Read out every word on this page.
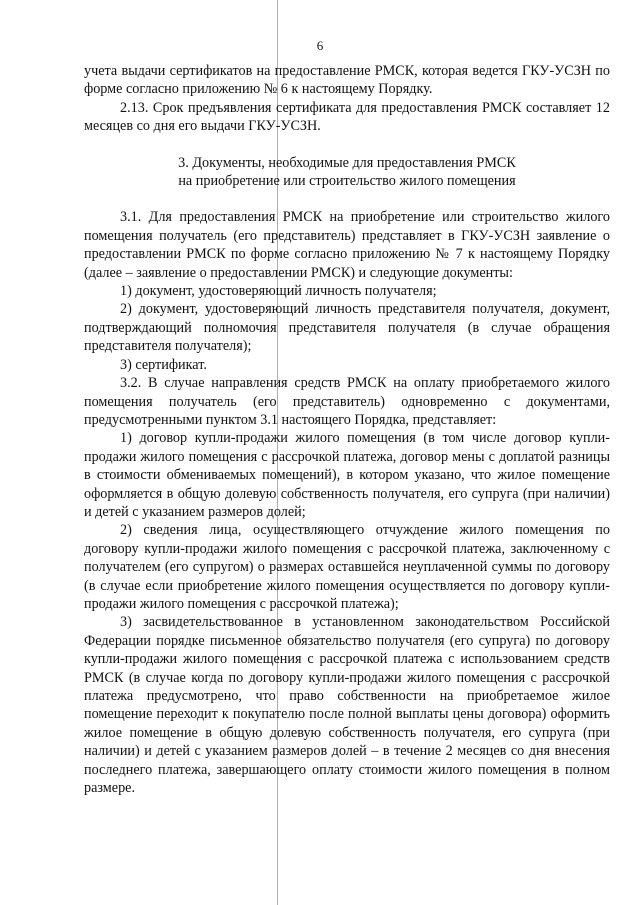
6

учета выдачи сертификатов на предоставление РМСК, которая ведется ГКУ-УСЗН по форме согласно приложению № 6 к настоящему Порядку.

2.13. Срок предъявления сертификата для предоставления РМСК составляет 12 месяцев со дня его выдачи ГКУ-УСЗН.

3. Документы, необходимые для предоставления РМСК
на приобретение или строительство жилого помещения

3.1. Для предоставления РМСК на приобретение или строительство жилого помещения получатель (его представитель) представляет в ГКУ-УСЗН заявление о предоставлении РМСК по форме согласно приложению № 7 к настоящему Порядку (далее – заявление о предоставлении РМСК) и следующие документы:

1) документ, удостоверяющий личность получателя;

2) документ, удостоверяющий личность представителя получателя, документ, подтверждающий полномочия представителя получателя (в случае обращения представителя получателя);

3) сертификат.

3.2. В случае направления средств РМСК на оплату приобретаемого жилого помещения получатель (его представитель) одновременно с документами, предусмотренными пунктом 3.1 настоящего Порядка, представляет:

1) договор купли-продажи жилого помещения (в том числе договор купли-продажи жилого помещения с рассрочкой платежа, договор мены с доплатой разницы в стоимости обмениваемых помещений), в котором указано, что жилое помещение оформляется в общую долевую собственность получателя, его супруга (при наличии) и детей с указанием размеров долей;

2) сведения лица, осуществляющего отчуждение жилого помещения по договору купли-продажи жилого помещения с рассрочкой платежа, заключенному с получателем (его супругом) о размерах оставшейся неуплаченной суммы по договору (в случае если приобретение жилого помещения осуществляется по договору купли-продажи жилого помещения с рассрочкой платежа);

3) засвидетельствованное в установленном законодательством Российской Федерации порядке письменное обязательство получателя (его супруга) по договору купли-продажи жилого помещения с рассрочкой платежа с использованием средств РМСК (в случае когда по договору купли-продажи жилого помещения с рассрочкой платежа предусмотрено, что право собственности на приобретаемое жилое помещение переходит к покупателю после полной выплаты цены договора) оформить жилое помещение в общую долевую собственность получателя, его супруга (при наличии) и детей с указанием размеров долей – в течение 2 месяцев со дня внесения последнего платежа, завершающего оплату стоимости жилого помещения в полном размере.
